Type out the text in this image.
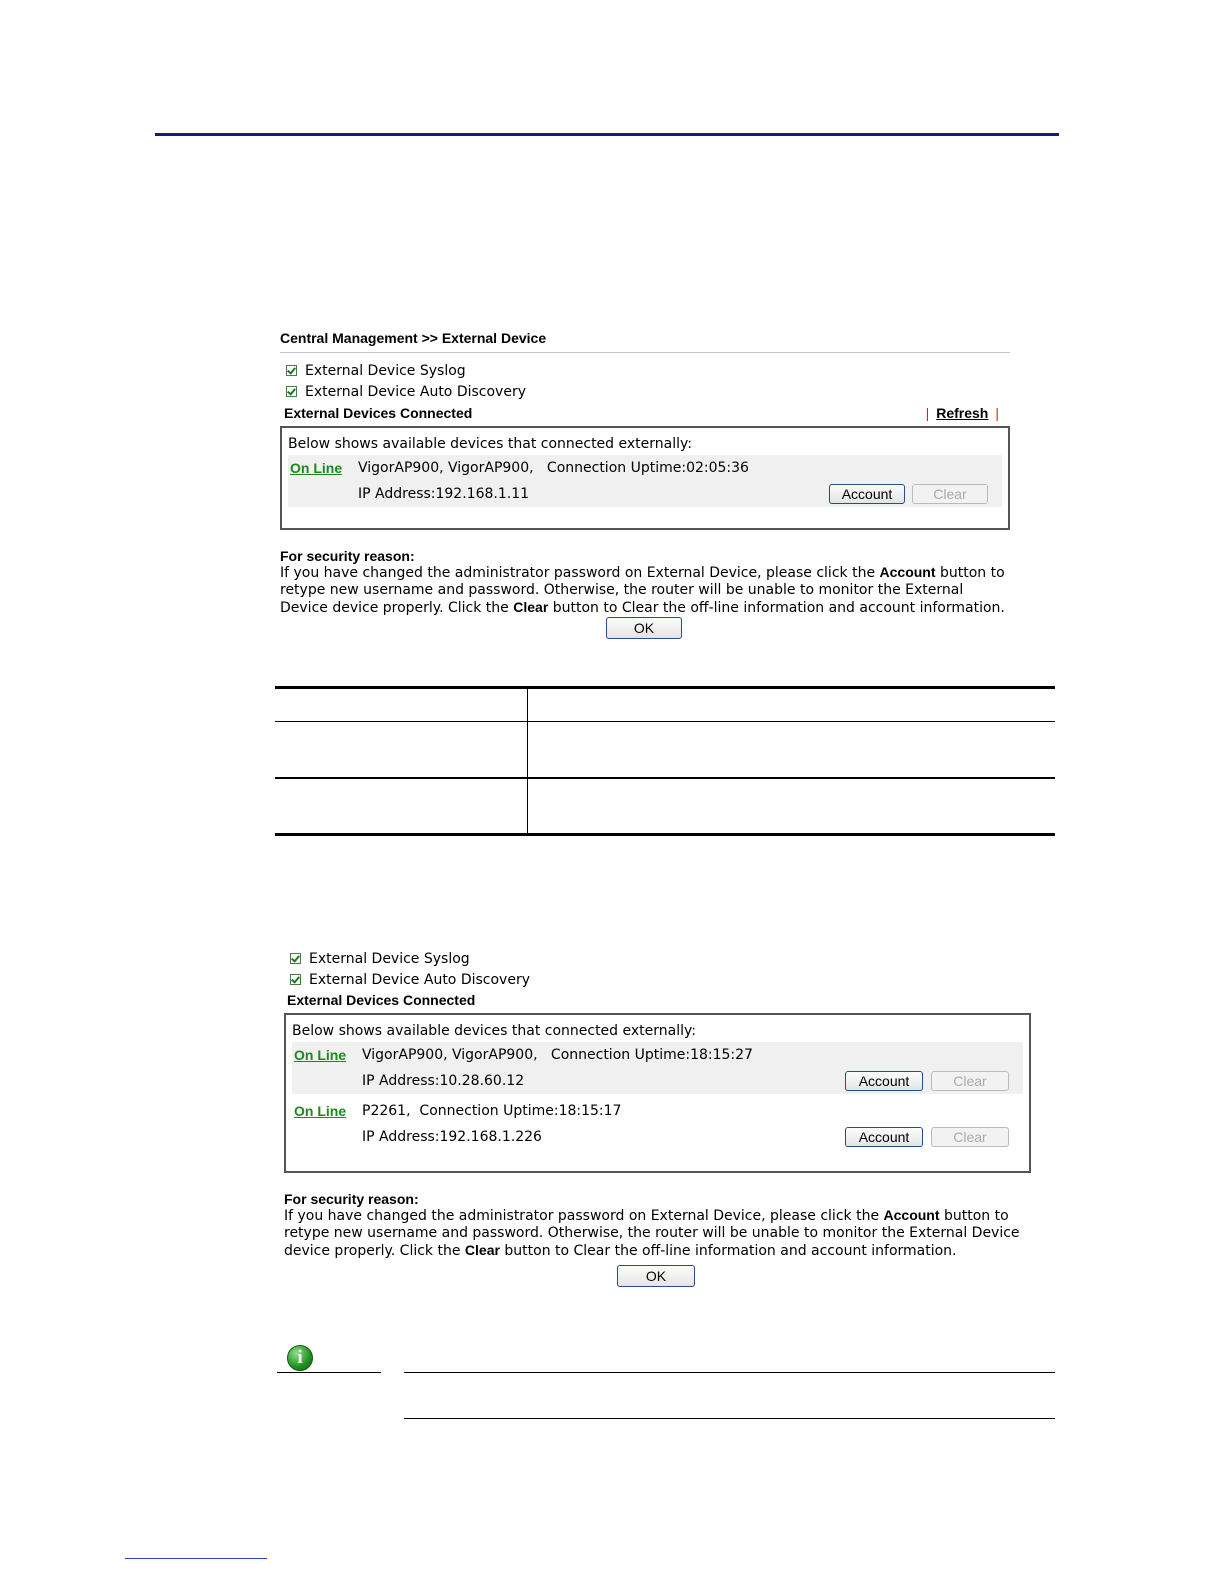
Central Management >> External Device
External Device Syslog
External Device Auto Discovery
External Devices Connected	| Refresh |
Below shows available devices that connected externally:
On Line	VigorAP900, VigorAP900,   Connection Uptime:02:05:36
IP Address:192.168.1.11	Account	Clear
For security reason:
If you have changed the administrator password on External Device, please click the Account button to retype new username and password. Otherwise, the router will be unable to monitor the External Device device properly. Click the Clear button to Clear the off-line information and account information.
OK
External Device Syslog
External Device Auto Discovery
External Devices Connected
Below shows available devices that connected externally:
On Line	VigorAP900, VigorAP900,   Connection Uptime:18:15:27
IP Address:10.28.60.12	Account	Clear
On Line	P2261,  Connection Uptime:18:15:17
IP Address:192.168.1.226	Account	Clear
For security reason:
If you have changed the administrator password on External Device, please click the Account button to retype new username and password. Otherwise, the router will be unable to monitor the External Device device properly. Click the Clear button to Clear the off-line information and account information.
OK
i
